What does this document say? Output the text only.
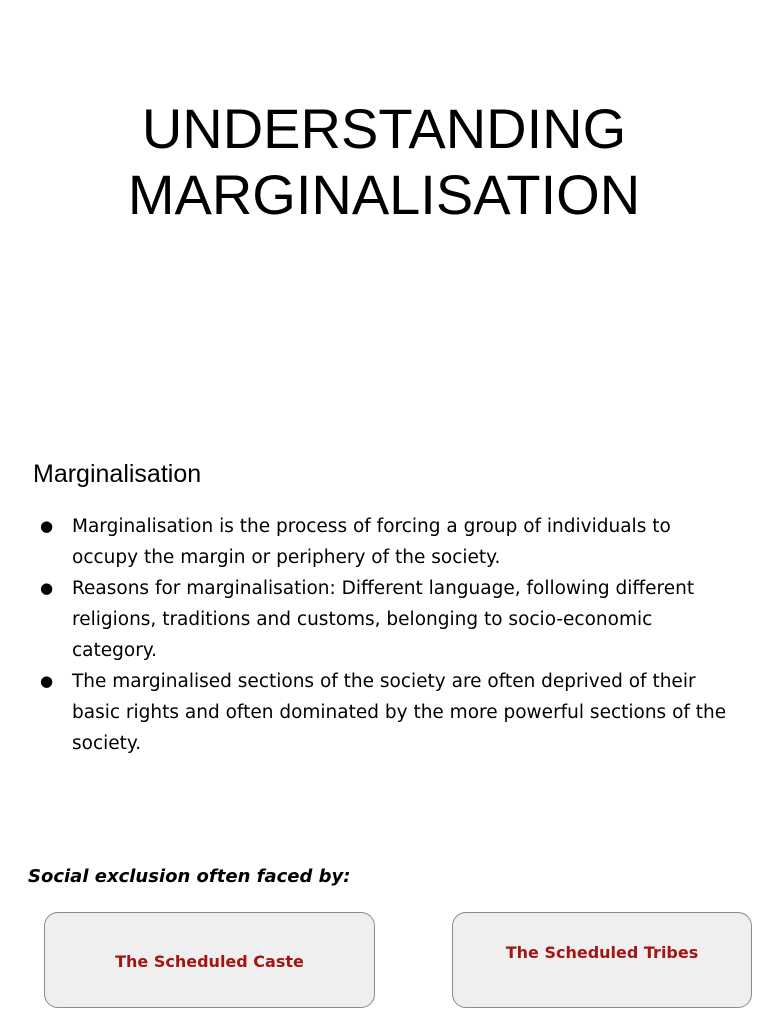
UNDERSTANDING
MARGINALISATION
Marginalisation
● Marginalisation is the process of forcing a group of individuals to occupy the margin or periphery of the society.
● Reasons for marginalisation: Different language, following different religions, traditions and customs, belonging to socio-economic category.
● The marginalised sections of the society are often deprived of their basic rights and often dominated by the more powerful sections of the society.

Social exclusion often faced by:

The Scheduled Caste	The Scheduled Tribes
